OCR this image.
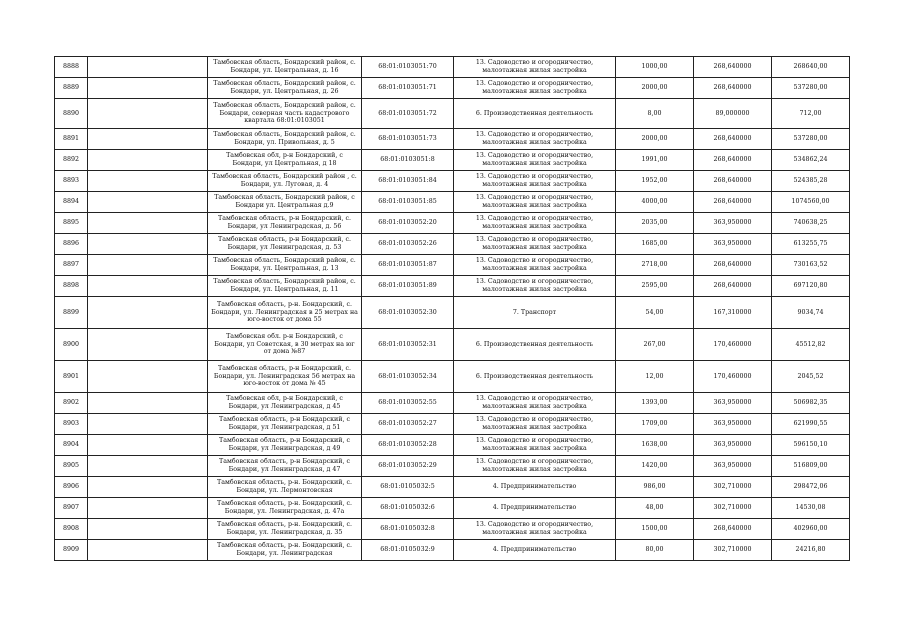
8888		Тамбовская область, Бондарский район, с. Бондари, ул. Центральная, д. 16	68:01:0103051:70	13. Садоводство и огородничество, малоэтажная жилая застройка	1000,00	268,640000	268640,00
8889		Тамбовская область, Бондарский район, с. Бондари, ул. Центральная, д. 26	68:01:0103051:71	13. Садоводство и огородничество, малоэтажная жилая застройка	2000,00	268,640000	537280,00
8890		Тамбовская область, Бондарский район, с. Бондари, северная часть кадастрового квартала 68:01:0103051	68:01:0103051:72	6. Производственная деятельность	8,00	89,000000	712,00
8891		Тамбовская область, Бондарский район, с. Бондари, ул. Привольная, д. 5	68:01:0103051:73	13. Садоводство и огородничество, малоэтажная жилая застройка	2000,00	268,640000	537280,00
8892		Тамбовская обл, р-н Бондарский, с Бондари, ул Центральная, д 18	68:01:0103051:8	13. Садоводство и огородничество, малоэтажная жилая застройка	1991,00	268,640000	534862,24
8893		Тамбовская область, Бондарский район , с. Бондари, ул. Луговая, д. 4	68:01:0103051:84	13. Садоводство и огородничество, малоэтажная жилая застройка	1952,00	268,640000	524385,28
8894		Тамбовская область, Бондарский район, с Бондари ул. Центральная д.9	68:01:0103051:85	13. Садоводство и огородничество, малоэтажная жилая застройка	4000,00	268,640000	1074560,00
8895		Тамбовская область, р-н Бондарский, с. Бондари, ул Ленинградская, д. 56	68:01:0103052:20	13. Садоводство и огородничество, малоэтажная жилая застройка	2035,00	363,950000	740638,25
8896		Тамбовская область, р-н Бондарский, с. Бондари, ул Ленинградская, д. 53	68:01:0103052:26	13. Садоводство и огородничество, малоэтажная жилая застройка	1685,00	363,950000	613255,75
8897		Тамбовская область, Бондарский район, с. Бондари, ул. Центральная, д. 13	68:01:0103051:87	13. Садоводство и огородничество, малоэтажная жилая застройка	2718,00	268,640000	730163,52
8898		Тамбовская область, Бондарский район, с. Бондари, ул. Центральная, д. 11	68:01:0103051:89	13. Садоводство и огородничество, малоэтажная жилая застройка	2595,00	268,640000	697120,80
8899		Тамбовская область, р-н. Бондарский, с. Бондари, ул. Ленинградская в 25 метрах на юго-восток от дома 55	68:01:0103052:30	7. Транспорт	54,00	167,310000	9034,74
8900		Тамбовская обл. р-н Бондарский, с Бондари, ул Советская, в 30 метрах на юг от дома №87	68:01:0103052:31	6. Производственная деятельность	267,00	170,460000	45512,82
8901		Тамбовская область, р-н Бондарский, с. Бондари, ул. Ленинградская 56 метрах на юго-восток от дома № 45	68:01:0103052:34	6. Производственная деятельность	12,00	170,460000	2045,52
8902		Тамбовская обл, р-н Бондарский, с Бондари, ул Ленинградская, д 45	68:01:0103052:55	13. Садоводство и огородничество, малоэтажная жилая застройка	1393,00	363,950000	506982,35
8903		Тамбовская область, р-н Бондарский, с Бондари, ул Ленинградская, д 51	68:01:0103052:27	13. Садоводство и огородничество, малоэтажная жилая застройка	1709,00	363,950000	621990,55
8904		Тамбовская область, р-н Бондарский, с Бондари, ул Ленинградская, д 49	68:01:0103052:28	13. Садоводство и огородничество, малоэтажная жилая застройка	1638,00	363,950000	596150,10
8905		Тамбовская область, р-н Бондарский, с Бондари, ул Ленинградская, д 47	68:01:0103052:29	13. Садоводство и огородничество, малоэтажная жилая застройка	1420,00	363,950000	516809,00
8906		Тамбовская область, р-н. Бондарский, с. Бондари, ул. Лермонтовская	68:01:0105032:5	4. Предпринимательство	986,00	302,710000	298472,06
8907		Тамбовская область, р-н. Бондарский, с. Бондари, ул. Ленинградская, д. 47а	68:01:0105032:6	4. Предпринимательство	48,00	302,710000	14530,08
8908		Тамбовская область, р-н. Бондарский, с. Бондари, ул. Ленинградская, д. 35	68:01:0105032:8	13. Садоводство и огородничество, малоэтажная жилая застройка	1500,00	268,640000	402960,00
8909		Тамбовская область, р-н. Бондарский, с. Бондари, ул. Ленинградская	68:01:0105032:9	4. Предпринимательство	80,00	302,710000	24216,80
